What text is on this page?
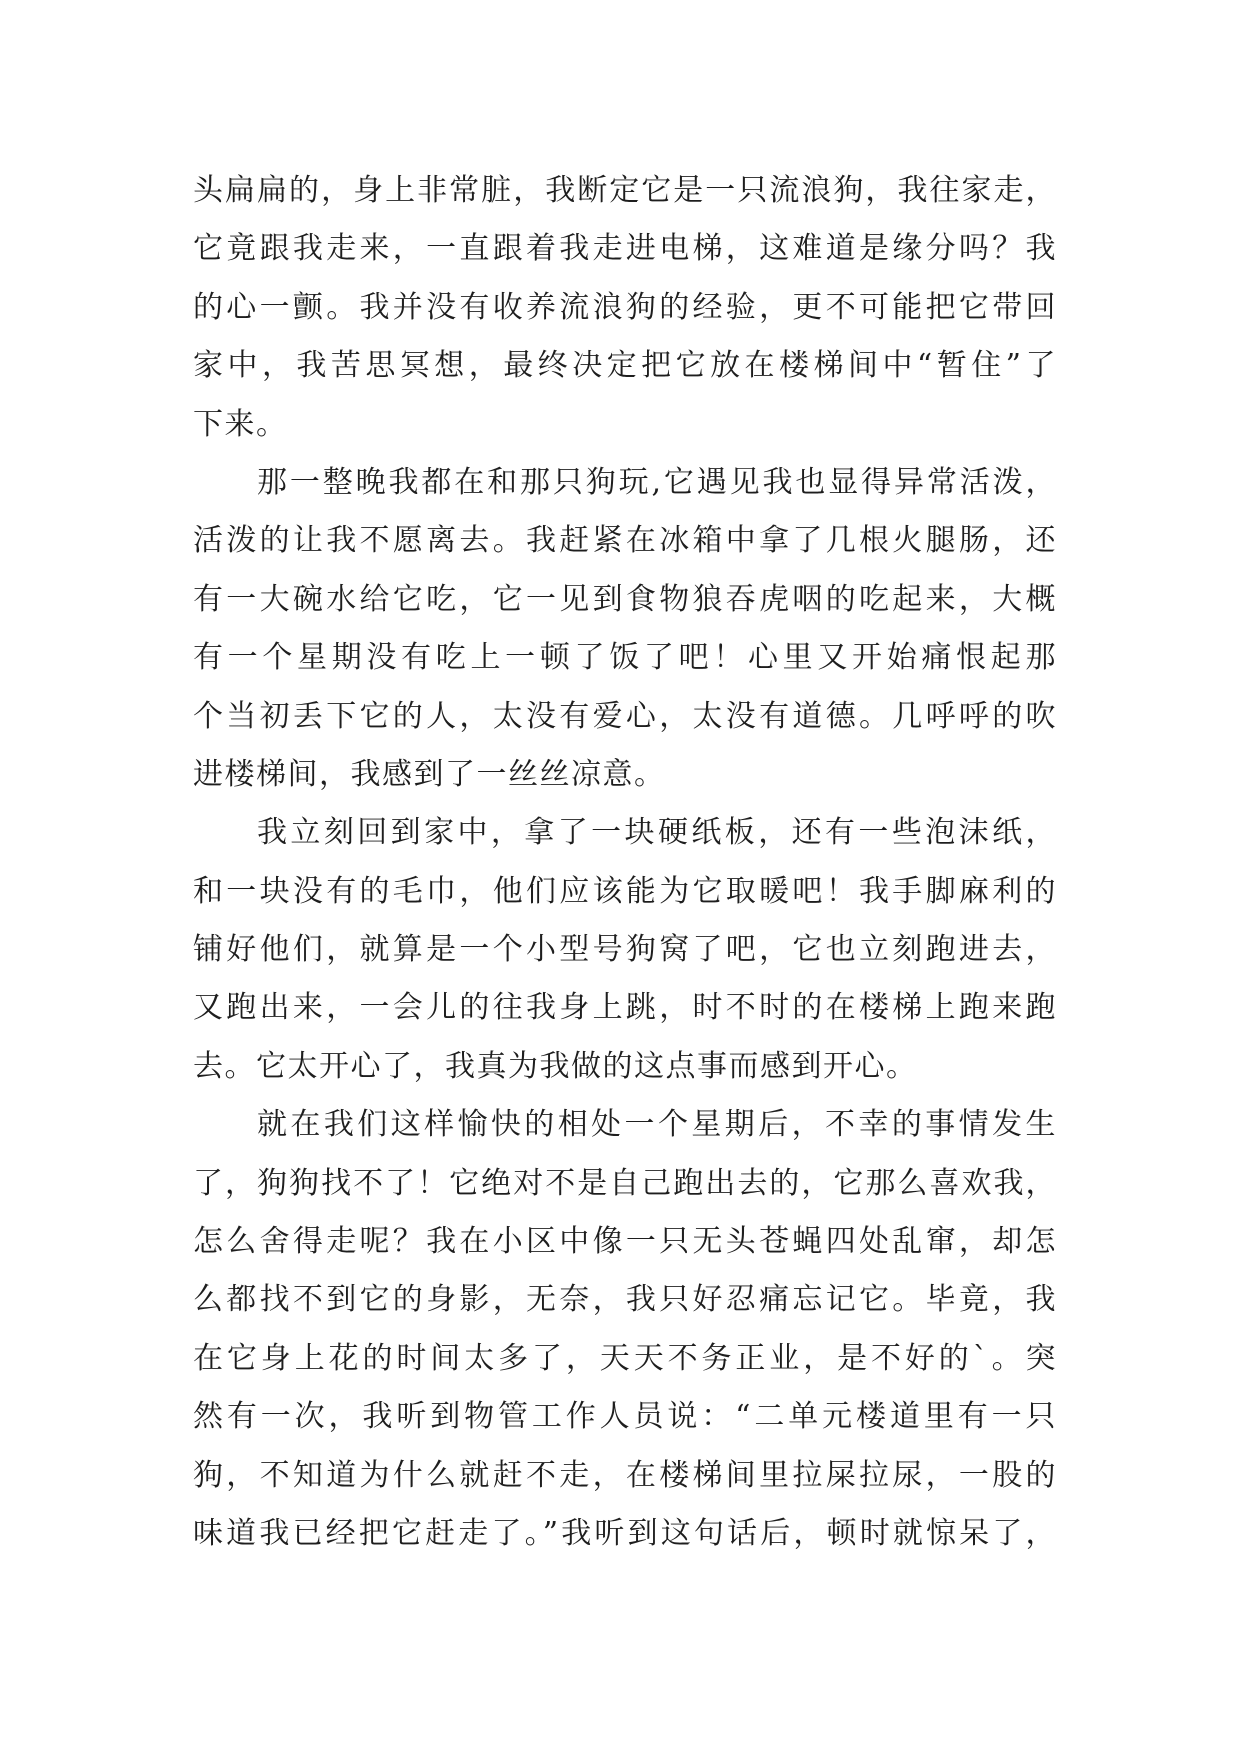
头扁扁的，身上非常脏，我断定它是一只流浪狗，我往家走，
它竟跟我走来，一直跟着我走进电梯，这难道是缘分吗？我
的心一颤。我并没有收养流浪狗的经验，更不可能把它带回
家中，我苦思冥想，最终决定把它放在楼梯间中“暂住”了
下来。
那一整晚我都在和那只狗玩,它遇见我也显得异常活泼，
活泼的让我不愿离去。我赶紧在冰箱中拿了几根火腿肠，还
有一大碗水给它吃，它一见到食物狼吞虎咽的吃起来，大概
有一个星期没有吃上一顿了饭了吧！心里又开始痛恨起那
个当初丢下它的人，太没有爱心，太没有道德。几呼呼的吹
进楼梯间，我感到了一丝丝凉意。
我立刻回到家中，拿了一块硬纸板，还有一些泡沫纸，
和一块没有的毛巾，他们应该能为它取暖吧！我手脚麻利的
铺好他们，就算是一个小型号狗窝了吧，它也立刻跑进去，
又跑出来，一会儿的往我身上跳，时不时的在楼梯上跑来跑
去。它太开心了，我真为我做的这点事而感到开心。
就在我们这样愉快的相处一个星期后，不幸的事情发生
了，狗狗找不了！它绝对不是自己跑出去的，它那么喜欢我，
怎么舍得走呢？我在小区中像一只无头苍蝇四处乱窜，却怎
么都找不到它的身影，无奈，我只好忍痛忘记它。毕竟，我
在它身上花的时间太多了，天天不务正业，是不好的`。突
然有一次，我听到物管工作人员说：“二单元楼道里有一只
狗，不知道为什么就赶不走，在楼梯间里拉屎拉尿，一股的
味道我已经把它赶走了。”我听到这句话后，顿时就惊呆了，
